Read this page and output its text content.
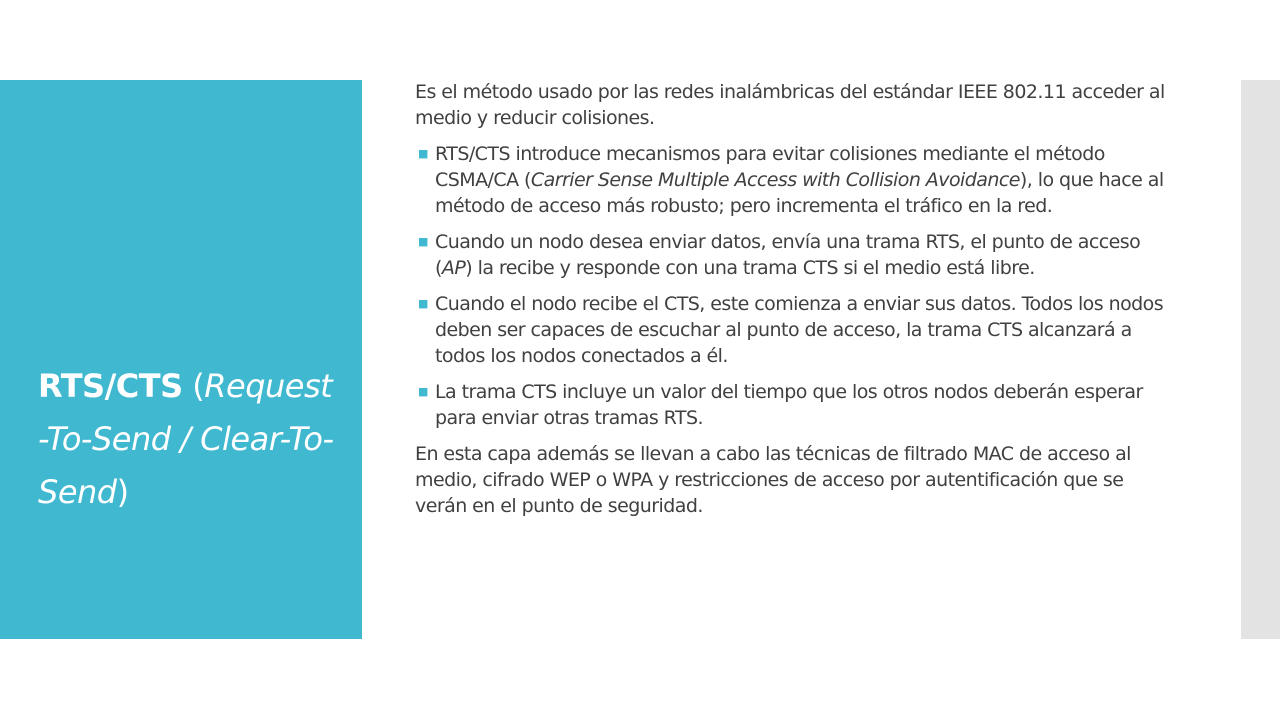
RTS/CTS (Request-To-Send / Clear-To-Send)

Es el método usado por las redes inalámbricas del estándar IEEE 802.11 acceder al medio y reducir colisiones.

■ RTS/CTS introduce mecanismos para evitar colisiones mediante el método CSMA/CA (Carrier Sense Multiple Access with Collision Avoidance), lo que hace al método de acceso más robusto; pero incrementa el tráfico en la red.
■ Cuando un nodo desea enviar datos, envía una trama RTS, el punto de acceso (AP) la recibe y responde con una trama CTS si el medio está libre.
■ Cuando el nodo recibe el CTS, este comienza a enviar sus datos. Todos los nodos deben ser capaces de escuchar al punto de acceso, la trama CTS alcanzará a todos los nodos conectados a él.
■ La trama CTS incluye un valor del tiempo que los otros nodos deberán esperar para enviar otras tramas RTS.

En esta capa además se llevan a cabo las técnicas de filtrado MAC de acceso al medio, cifrado WEP o WPA y restricciones de acceso por autentificación que se verán en el punto de seguridad.
